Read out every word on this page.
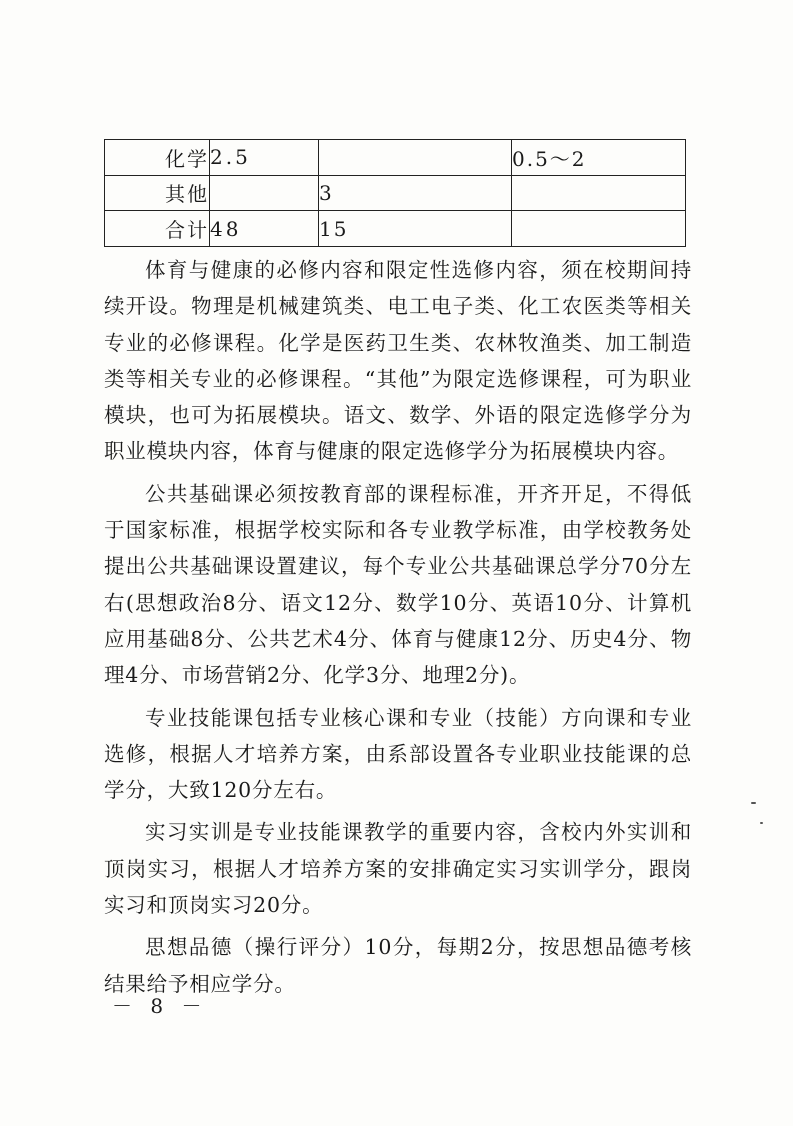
化学	2.5		0.5～2
其他		3	
合计	48	15	

体育与健康的必修内容和限定性选修内容，须在校期间持续开设。物理是机械建筑类、电工电子类、化工农医类等相关专业的必修课程。化学是医药卫生类、农林牧渔类、加工制造类等相关专业的必修课程。“其他”为限定选修课程，可为职业模块，也可为拓展模块。语文、数学、外语的限定选修学分为职业模块内容，体育与健康的限定选修学分为拓展模块内容。

公共基础课必须按教育部的课程标准，开齐开足，不得低于国家标准，根据学校实际和各专业教学标准，由学校教务处提出公共基础课设置建议，每个专业公共基础课总学分70分左右(思想政治8分、语文12分、数学10分、英语10分、计算机应用基础8分、公共艺术4分、体育与健康12分、历史4分、物理4分、市场营销2分、化学3分、地理2分)。

专业技能课包括专业核心课和专业（技能）方向课和专业选修，根据人才培养方案，由系部设置各专业职业技能课的总学分，大致120分左右。

实习实训是专业技能课教学的重要内容，含校内外实训和顶岗实习，根据人才培养方案的安排确定实习实训学分，跟岗实习和顶岗实习20分。

思想品德（操行评分）10分，每期2分，按思想品德考核结果给予相应学分。

－ 8 －
